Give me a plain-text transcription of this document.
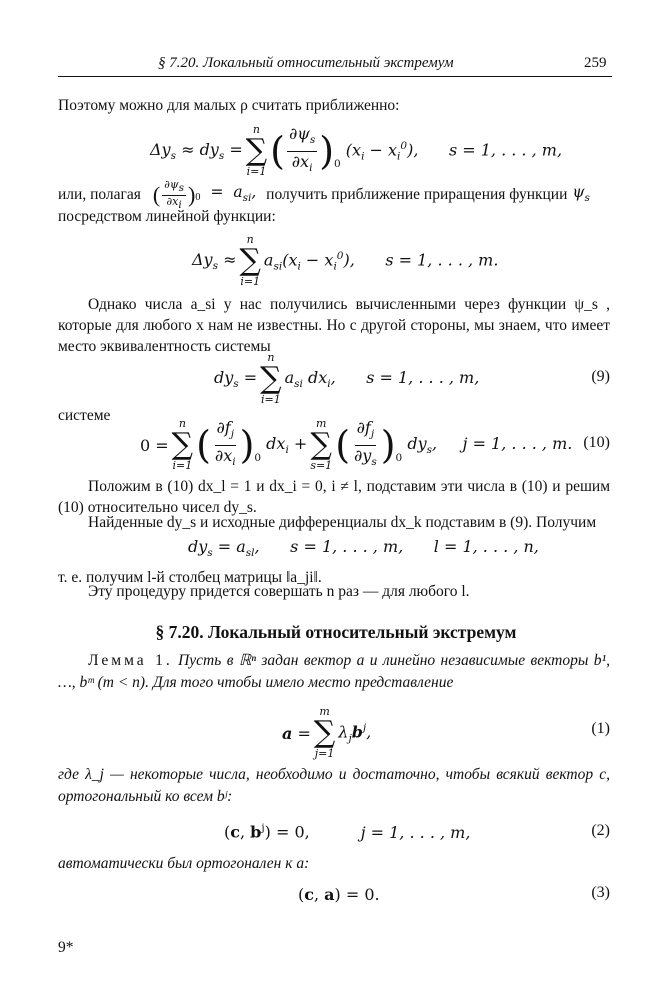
§ 7.20. Локальный относительный экстремум	259
Поэтому можно для малых ρ считать приближенно:
$\Delta y_s \approx dy_s$ =
n
∑
i=1 ( $\frac{\partial\psi_s}{\partial x_i} )_0$
$(x_i - x_i^0)$,      s = 1, . . . , m,
или, полагая ( $\frac{\partial\psi_s}{\partial x_i}$ ) $0 = a_{si}$, получить приближение приращения функции $\psi_s$
посредством линейной функции:
$\Delta y_s$ ≈
n
∑
i=1
$a_{si}(x_i - x_i^0)$,      s = 1, . . . , m.
Однако числа a_si у нас получились вычисленными через функции ψ_s , которые для любого x нам не известны. Но с другой стороны, мы знаем, что имеет место эквивалентность системы
$dy_s$ =
n
∑
i=1
$a_{si}$ $dx_i$,      s = 1, . . . , m,	(9)
системе
0 =
n
∑
i=1 ( $\frac{\partial f_j}{\partial x_i} )_0$
$dx_i$ +
m
∑
s=1 ( $\frac{\partial f_j}{\partial y_s} )_0$
$dy_s$,     j = 1, . . . , m. (10)
Положим в (10) dx_l = 1 и dx_i = 0, i ≠ l, подставим эти числа в (10) и решим (10) относительно чисел dy_s.
Найденные dy_s и исходные дифференциалы dx_k подставим в (9). Получим
$dy_s = a_{sl}$,      s = 1, . . . , m,      l = 1, . . . , n,
т. е. получим l-й столбец матрицы ‖a_ji‖.
Эту процедуру придется совершать n раз — для любого l.
§ 7.20. Локальный относительный экстремум
Лемма 1. Пусть в ℝⁿ задан вектор a и линейно независимые векторы b¹, …, bᵐ (m < n). Для того чтобы имело место представление
a =
m
∑
j=1
$\lambda_jb^j$,	(1)
где λ_j — некоторые числа, необходимо и достаточно, чтобы всякий вектор c, ортогональный ко всем bʲ:
(c, $b^j) = 0$, j = 1, . . . , m,	(2)
автоматически был ортогонален к a:
(c, a) = 0.	(3)
9*
